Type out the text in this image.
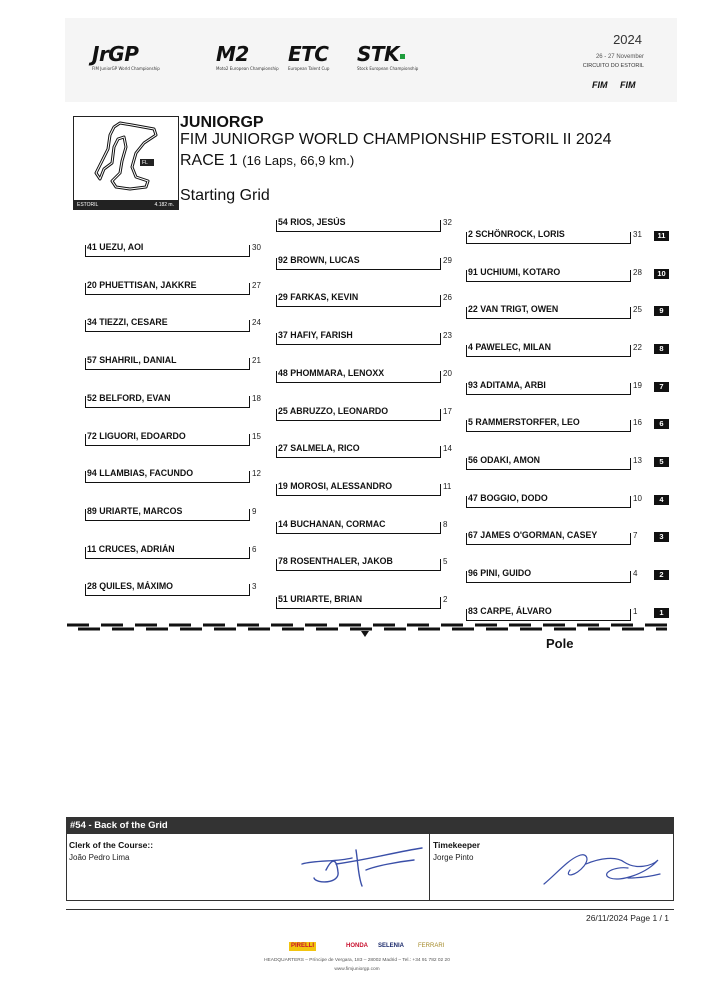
JrGP
FIM JuniorGP World Championship
M2
Moto2 European Championship
ETC
European Talent Cup
STK
Stock European Championship
2024
26 - 27 November
CIRCUITO DO ESTORIL
FIM FIM
FL
ESTORIL	4.182 m.
JUNIORGP
FIM JUNIORGP WORLD CHAMPIONSHIP ESTORIL II 2024
RACE 1 (16 Laps, 66,9 km.)
Starting Grid
41 UEZU, AOI	30
20 PHUETTISAN, JAKKRE	27
34 TIEZZI, CESARE	24
57 SHAHRIL, DANIAL	21
52 BELFORD, EVAN	18
72 LIGUORI, EDOARDO	15
94 LLAMBIAS, FACUNDO	12
89 URIARTE, MARCOS	9
11 CRUCES, ADRIÁN	6
28 QUILES, MÁXIMO	3
54 RIOS, JESÚS	32
92 BROWN, LUCAS	29
29 FARKAS, KEVIN	26
37 HAFIY, FARISH	23
48 PHOMMARA, LENOXX	20
25 ABRUZZO, LEONARDO	17
27 SALMELA, RICO	14
19 MOROSI, ALESSANDRO	11
14 BUCHANAN, CORMAC	8
78 ROSENTHALER, JAKOB	5
51 URIARTE, BRIAN	2
2 SCHÖNROCK, LORIS	31	11
91 UCHIUMI, KOTARO	28	10
22 VAN TRIGT, OWEN	25	9
4 PAWELEC, MILAN	22	8
93 ADITAMA, ARBI	19	7
5 RAMMERSTORFER, LEO	16	6
56 ODAKI, AMON	13	5
47 BOGGIO, DODO	10	4
67 JAMES O'GORMAN, CASEY	7	3
96 PINI, GUIDO	4	2
83 CARPE, ÁLVARO	1	1
Pole
#54 - Back of the Grid
Clerk of the Course::
João Pedro Lima
Timekeeper
Jorge Pinto
26/11/2024 Page 1 / 1
PIRELLI	HONDA	SELENIA	FERRARI
HEADQUARTERS – Príncipe de Vergara, 183 – 28002 Madrid – Tel.: +34 91 782 02 20
www.fimjuniorgp.com
